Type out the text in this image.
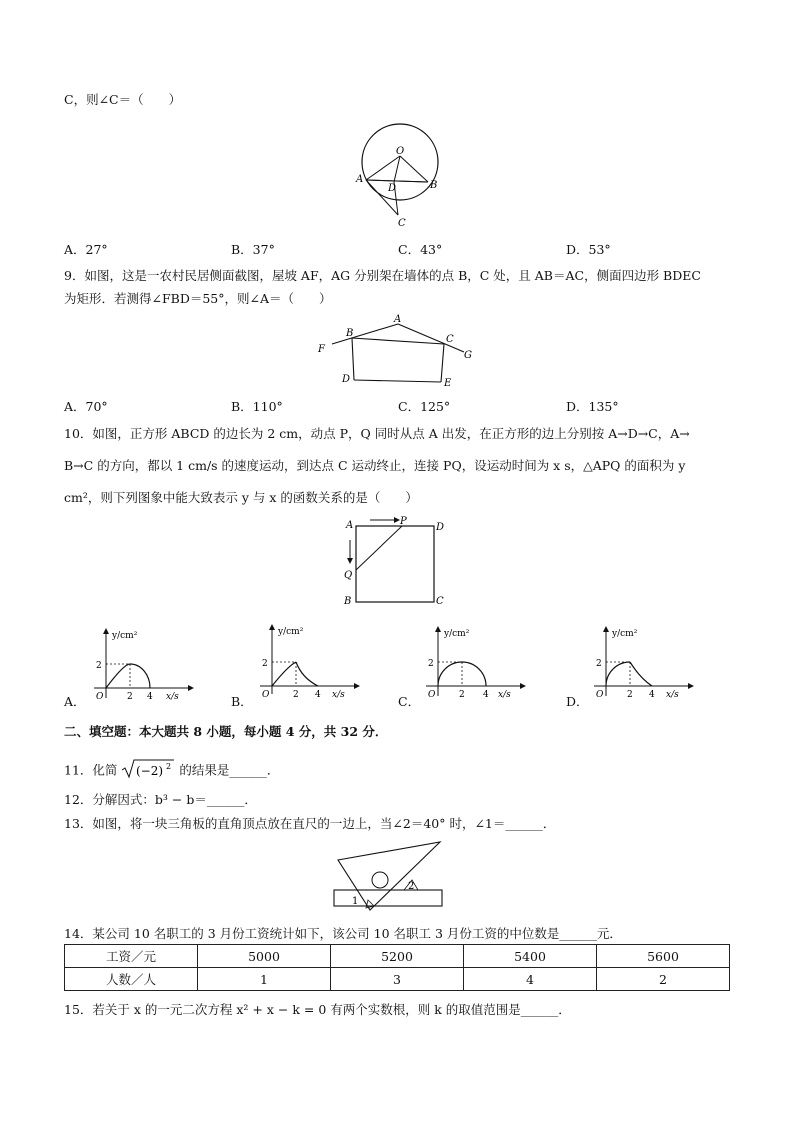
C，则∠C＝（　　）
O
A
D	B
C
A．27°	B．37°	C．43°	D．53°
9．如图，这是一农村民居侧面截图，屋坡 AF，AG 分别架在墙体的点 B，C 处，且 AB＝AC，侧面四边形 BDEC
为矩形．若测得∠FBD＝55°，则∠A＝（　　）
A
B
C
F
G
D	E
A．70°	B．110°	C．125°	D．135°
10．如图，正方形 ABCD 的边长为 2 cm，动点 P，Q 同时从点 A 出发，在正方形的边上分别按 A→D→C，A→
B→C 的方向，都以 1 cm/s 的速度运动，到达点 C 运动终止，连接 PQ，设运动时间为 x s，△APQ 的面积为 y
cm²，则下列图象中能大致表示 y 与 x 的函数关系的是（　　）
A	P
D
Q
B	C
A．
y/cm²
2
O	2 4 x/s	B．
y/cm²
2
O	2 4 x/s	C．
y/cm²
2
O	2 4 x/s	D．
y/cm²
2
O	2 4 x/s
二、填空题：本大题共 8 小题，每小题 4 分，共 32 分．
11．化简 (−2) 2 的结果是______．
12．分解因式：b³ − b＝______．
13．如图，将一块三角板的直角顶点放在直尺的一边上，当∠2＝40° 时，∠1＝______．
1
2
14．某公司 10 名职工的 3 月份工资统计如下，该公司 10 名职工 3 月份工资的中位数是______元．
工资／元	5000	5200	5400	5600
人数／人	1	3	4	2
15．若关于 x 的一元二次方程 x² + x − k = 0 有两个实数根，则 k 的取值范围是______．
